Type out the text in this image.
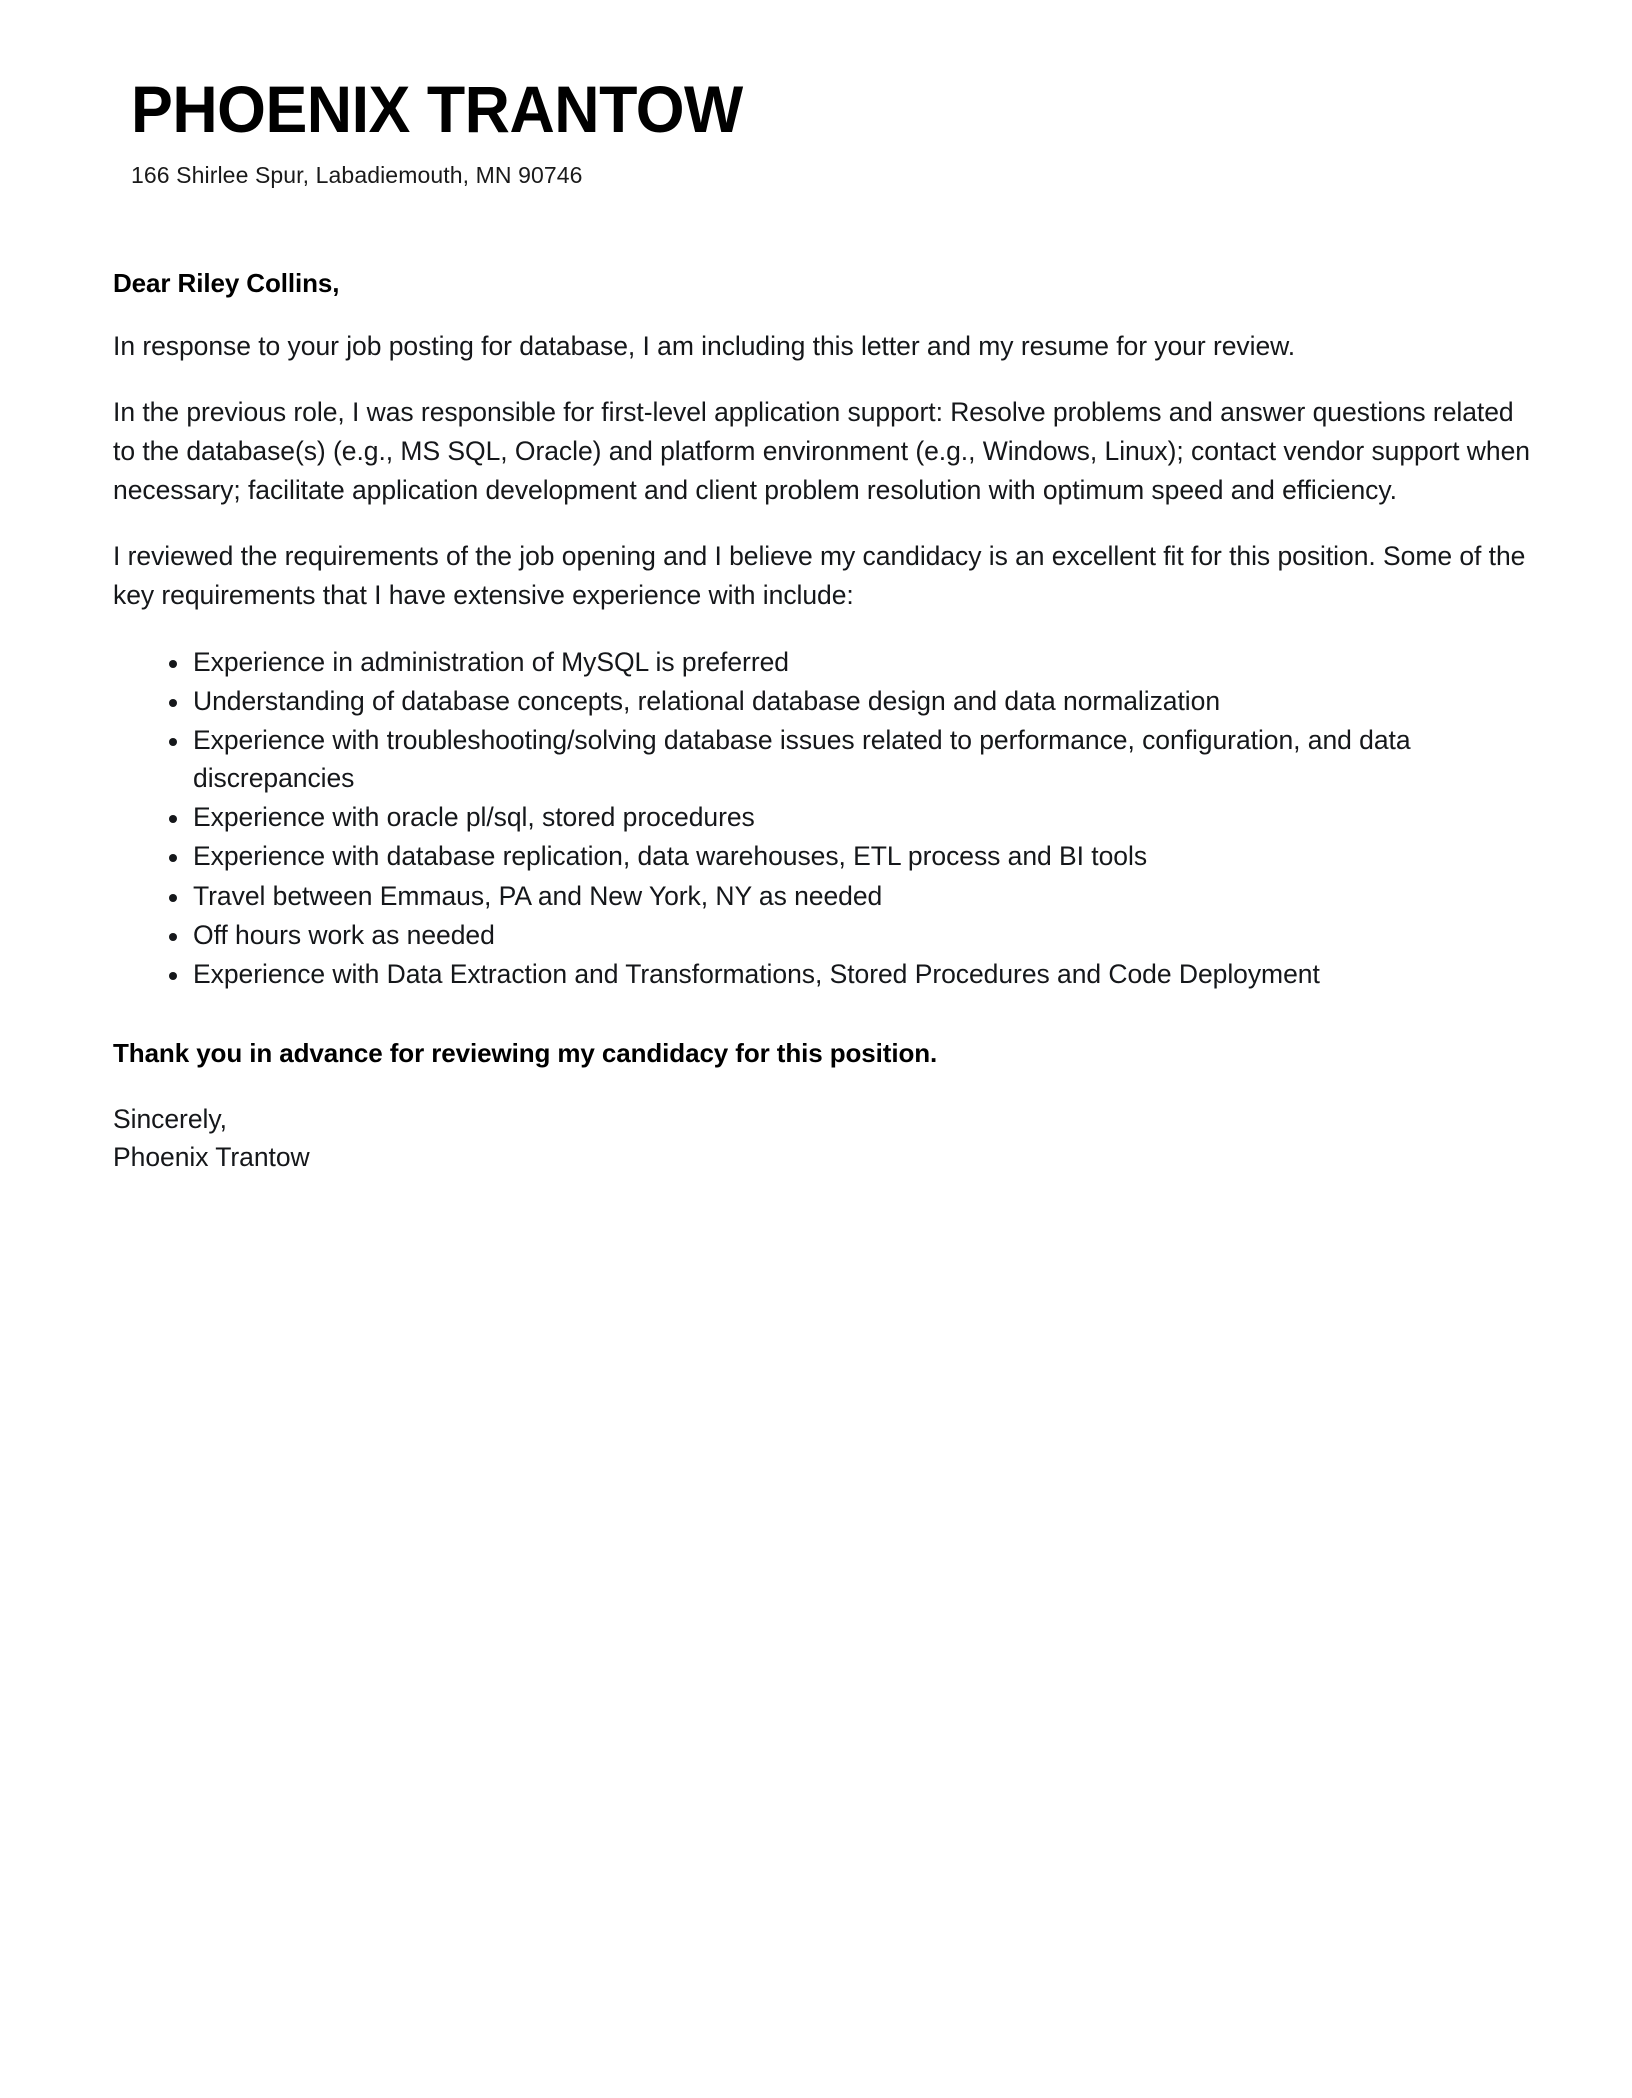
PHOENIX TRANTOW
166 Shirlee Spur, Labadiemouth, MN 90746

Dear Riley Collins,

In response to your job posting for database, I am including this letter and my resume for your review.

In the previous role, I was responsible for first-level application support: Resolve problems and answer questions related to the database(s) (e.g., MS SQL, Oracle) and platform environment (e.g., Windows, Linux); contact vendor support when necessary; facilitate application development and client problem resolution with optimum speed and efficiency.

I reviewed the requirements of the job opening and I believe my candidacy is an excellent fit for this position. Some of the key requirements that I have extensive experience with include:

Experience in administration of MySQL is preferred
Understanding of database concepts, relational database design and data normalization
Experience with troubleshooting/solving database issues related to performance, configuration, and data discrepancies
Experience with oracle pl/sql, stored procedures
Experience with database replication, data warehouses, ETL process and BI tools
Travel between Emmaus, PA and New York, NY as needed
Off hours work as needed
Experience with Data Extraction and Transformations, Stored Procedures and Code Deployment

Thank you in advance for reviewing my candidacy for this position.

Sincerely,
Phoenix Trantow
